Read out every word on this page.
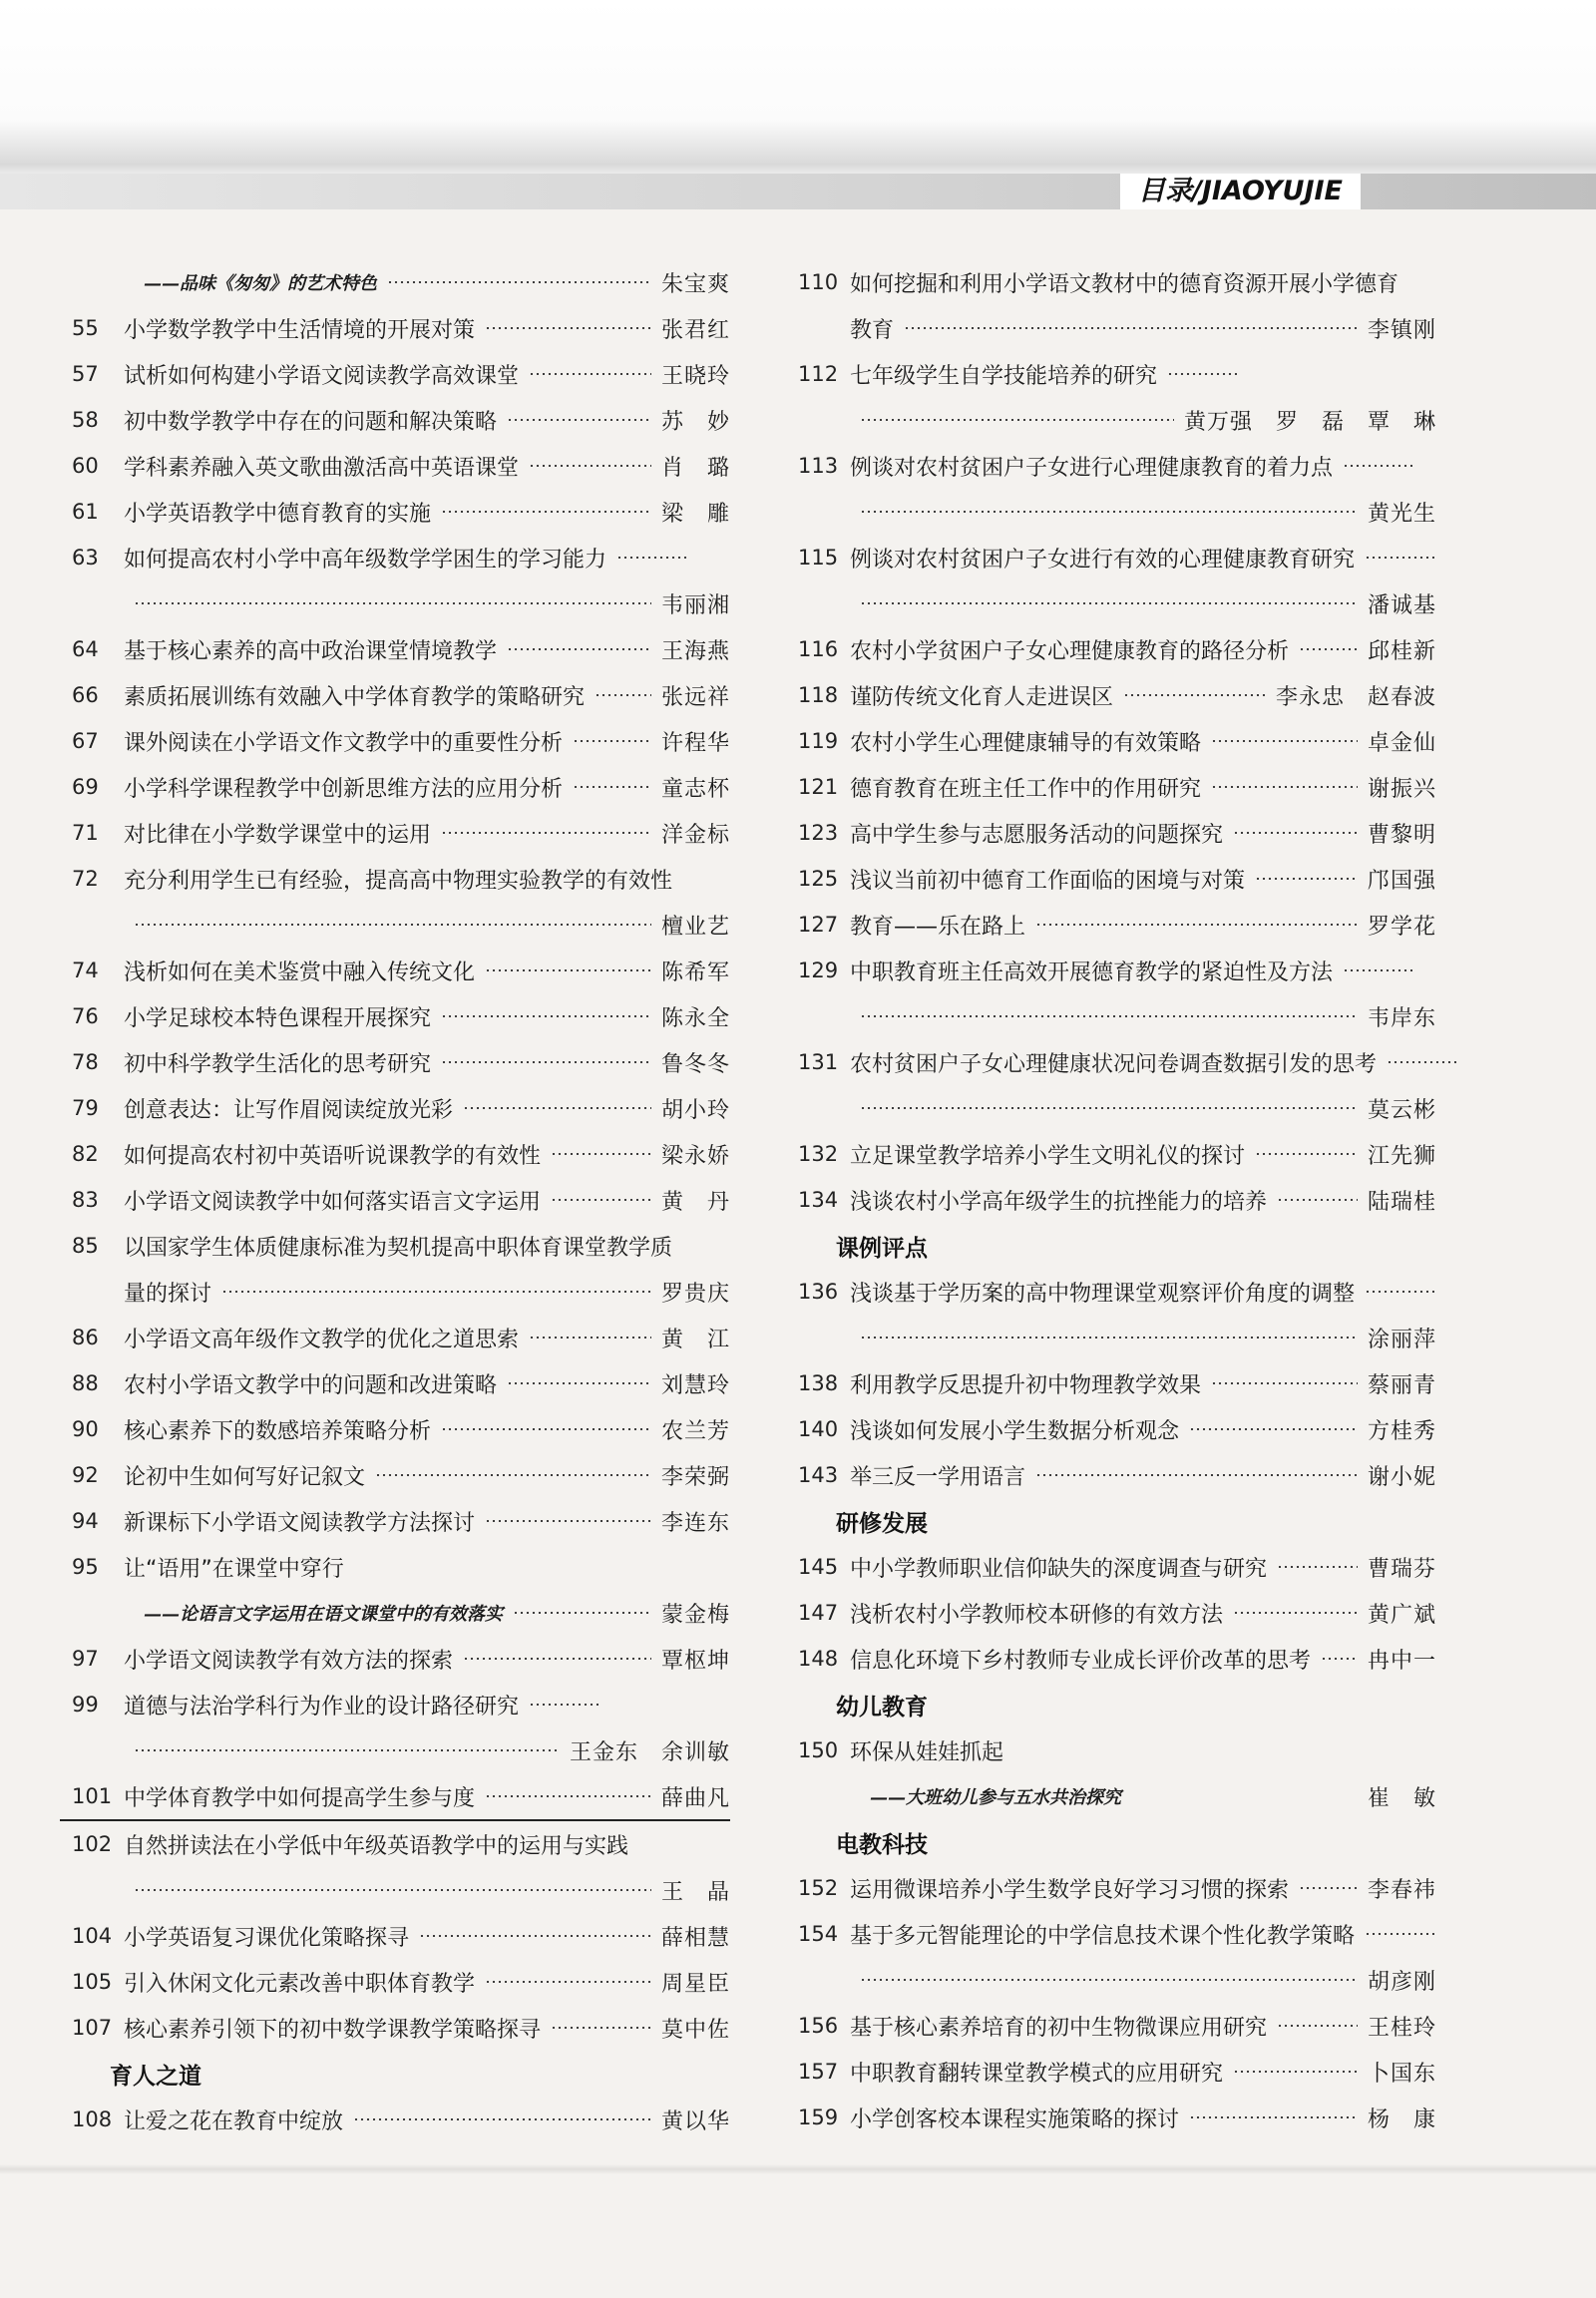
目录/JIAOYUJIE
——品味《匆匆》的艺术特色	朱宝爽
55	小学数学教学中生活情境的开展对策	张君红
57	试析如何构建小学语文阅读教学高效课堂	王晓玲
58	初中数学教学中存在的问题和解决策略	苏　妙
60	学科素养融入英文歌曲激活高中英语课堂	肖　璐
61	小学英语教学中德育教育的实施	梁　雕
63	如何提高农村小学中高年级数学学困生的学习能力
韦丽湘
64	基于核心素养的高中政治课堂情境教学	王海燕
66	素质拓展训练有效融入中学体育教学的策略研究	张远祥
67	课外阅读在小学语文作文教学中的重要性分析	许程华
69	小学科学课程教学中创新思维方法的应用分析	童志杯
71	对比律在小学数学课堂中的运用	洋金标
72	充分利用学生已有经验，提高高中物理实验教学的有效性
檀业艺
74	浅析如何在美术鉴赏中融入传统文化	陈希军
76	小学足球校本特色课程开展探究	陈永全
78	初中科学教学生活化的思考研究	鲁冬冬
79	创意表达：让写作眉阅读绽放光彩	胡小玲
82	如何提高农村初中英语听说课教学的有效性	梁永娇
83	小学语文阅读教学中如何落实语言文字运用	黄　丹
85	以国家学生体质健康标准为契机提高中职体育课堂教学质
量的探讨	罗贵庆
86	小学语文高年级作文教学的优化之道思索	黄　江
88	农村小学语文教学中的问题和改进策略	刘慧玲
90	核心素养下的数感培养策略分析	农兰芳
92	论初中生如何写好记叙文	李荣弼
94	新课标下小学语文阅读教学方法探讨	李连东
95	让“语用”在课堂中穿行
——论语言文字运用在语文课堂中的有效落实	蒙金梅
97	小学语文阅读教学有效方法的探索	覃枢坤
99	道德与法治学科行为作业的设计路径研究
王金东　余训敏
101 中学体育教学中如何提高学生参与度	薛曲凡
102 自然拼读法在小学低中年级英语教学中的运用与实践
王　晶
104 小学英语复习课优化策略探寻	薛相慧
105 引入休闲文化元素改善中职体育教学	周星臣
107 核心素养引领下的初中数学课教学策略探寻	莫中佐
育人之道
108 让爱之花在教育中绽放	黄以华
110 如何挖掘和利用小学语文教材中的德育资源开展小学德育
教育	李镇刚
112 七年级学生自学技能培养的研究
黄万强　罗　磊　覃　琳
113 例谈对农村贫困户子女进行心理健康教育的着力点
黄光生
115 例谈对农村贫困户子女进行有效的心理健康教育研究
潘诚基
116 农村小学贫困户子女心理健康教育的路径分析	邱桂新
118 谨防传统文化育人走进误区	李永忠　赵春波
119 农村小学生心理健康辅导的有效策略	卓金仙
121 德育教育在班主任工作中的作用研究	谢振兴
123 高中学生参与志愿服务活动的问题探究	曹黎明
125 浅议当前初中德育工作面临的困境与对策	邝国强
127 教育——乐在路上	罗学花
129 中职教育班主任高效开展德育教学的紧迫性及方法
韦岸东
131 农村贫困户子女心理健康状况问卷调查数据引发的思考
莫云彬
132 立足课堂教学培养小学生文明礼仪的探讨	江先狮
134 浅谈农村小学高年级学生的抗挫能力的培养	陆瑞桂
课例评点
136 浅谈基于学历案的高中物理课堂观察评价角度的调整
涂丽萍
138 利用教学反思提升初中物理教学效果	蔡丽青
140 浅谈如何发展小学生数据分析观念	方桂秀
143 举三反一学用语言	谢小妮
研修发展
145 中小学教师职业信仰缺失的深度调查与研究	曹瑞芬
147 浅析农村小学教师校本研修的有效方法	黄广斌
148 信息化环境下乡村教师专业成长评价改革的思考	冉中一
幼儿教育
150 环保从娃娃抓起
——大班幼儿参与五水共治探究	崔　敏
电教科技
152 运用微课培养小学生数学良好学习习惯的探索	李春祎
154 基于多元智能理论的中学信息技术课个性化教学策略
胡彦刚
156 基于核心素养培育的初中生物微课应用研究	王桂玲
157 中职教育翻转课堂教学模式的应用研究	卜国东
159 小学创客校本课程实施策略的探讨	杨　康
